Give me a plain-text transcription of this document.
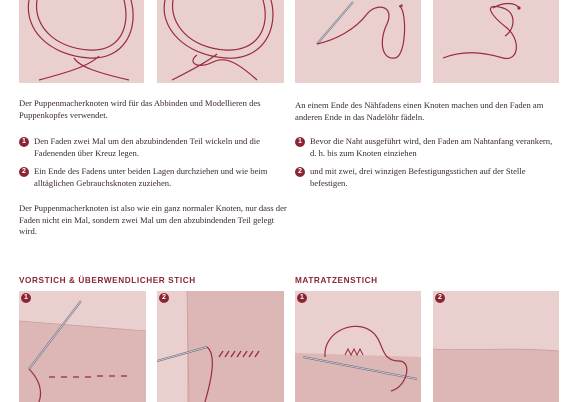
Der Puppenmacherknoten wird für das Abbinden und Modellieren des Puppenkopfes verwendet.
1 Den Faden zwei Mal um den abzubindenden Teil wickeln und die Fadenenden über Kreuz legen.
2 Ein Ende des Fadens unter beiden Lagen durchziehen und wie beim alltäglichen Gebrauchsknoten zuziehen.
Der Puppenmacherknoten ist also wie ein ganz normaler Knoten, nur dass der Faden nicht ein Mal, sondern zwei Mal um den abzubindenden Teil gelegt wird.
An einem Ende des Nähfadens einen Knoten machen und den Faden am anderen Ende in das Nadelöhr fädeln.
1 Bevor die Naht ausgeführt wird, den Faden am Nahtanfang verankern, d. h. bis zum Knoten einziehen
2 und mit zwei, drei winzigen Befestigungsstichen auf der Stelle befestigen.
VORSTICH & ÜBERWENDLICHER STICH	MATRATZENSTICH
1	2	1	2
